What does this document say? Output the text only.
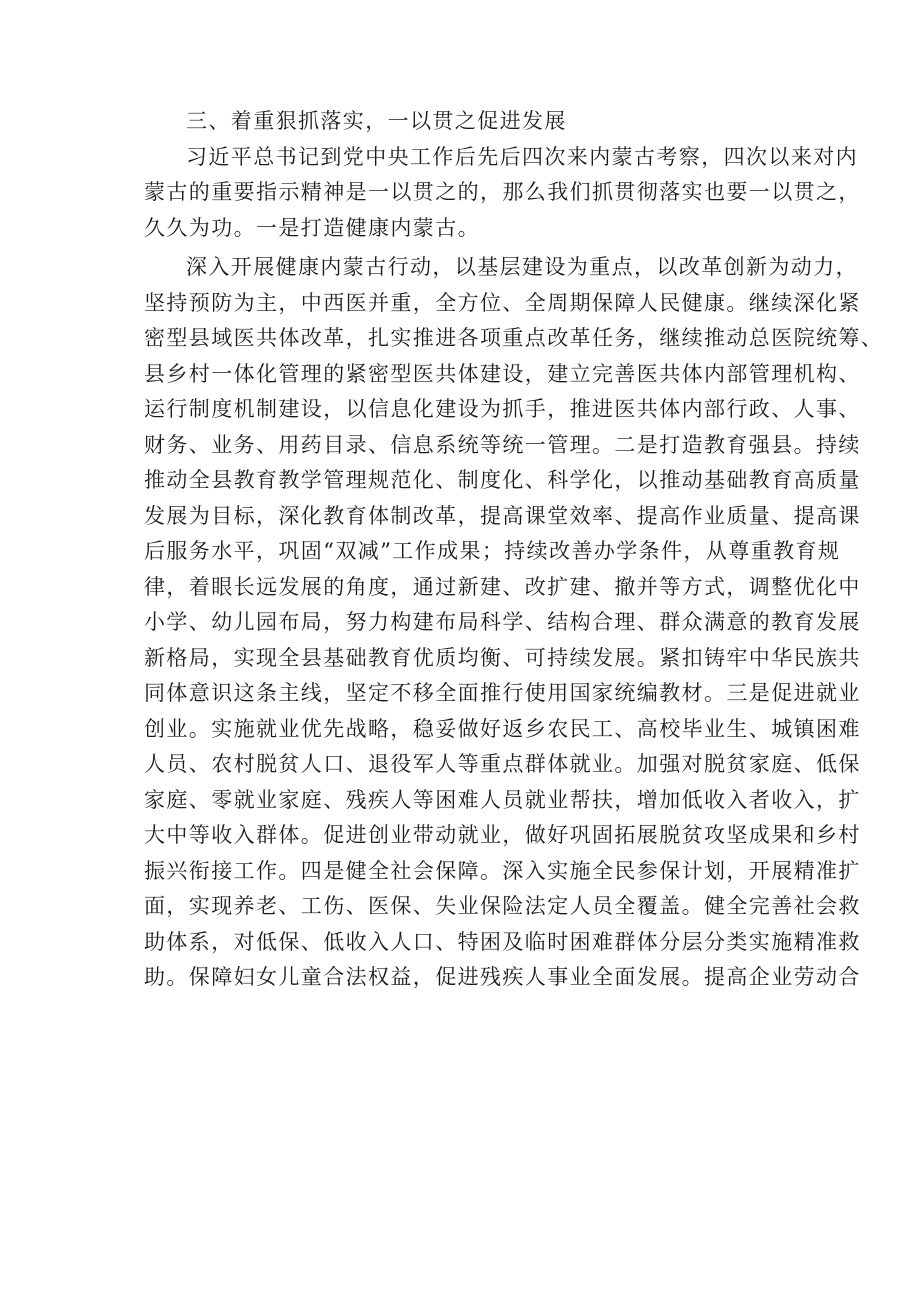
三、着重狠抓落实，一以贯之促进发展

习近平总书记到党中央工作后先后四次来内蒙古考察，四次以来对内
蒙古的重要指示精神是一以贯之的，那么我们抓贯彻落实也要一以贯之，
久久为功。一是打造健康内蒙古。
深入开展健康内蒙古行动，以基层建设为重点，以改革创新为动力，
坚持预防为主，中西医并重，全方位、全周期保障人民健康。继续深化紧
密型县域医共体改革，扎实推进各项重点改革任务，继续推动总医院统筹、
县乡村一体化管理的紧密型医共体建设，建立完善医共体内部管理机构、
运行制度机制建设，以信息化建设为抓手，推进医共体内部行政、人事、
财务、业务、用药目录、信息系统等统一管理。二是打造教育强县。持续
推动全县教育教学管理规范化、制度化、科学化，以推动基础教育高质量
发展为目标，深化教育体制改革，提高课堂效率、提高作业质量、提高课
后服务水平，巩固“双减”工作成果；持续改善办学条件，从尊重教育规
律，着眼长远发展的角度，通过新建、改扩建、撤并等方式，调整优化中
小学、幼儿园布局，努力构建布局科学、结构合理、群众满意的教育发展
新格局，实现全县基础教育优质均衡、可持续发展。紧扣铸牢中华民族共
同体意识这条主线，坚定不移全面推行使用国家统编教材。三是促进就业
创业。实施就业优先战略，稳妥做好返乡农民工、高校毕业生、城镇困难
人员、农村脱贫人口、退役军人等重点群体就业。加强对脱贫家庭、低保
家庭、零就业家庭、残疾人等困难人员就业帮扶，增加低收入者收入，扩
大中等收入群体。促进创业带动就业，做好巩固拓展脱贫攻坚成果和乡村
振兴衔接工作。四是健全社会保障。深入实施全民参保计划，开展精准扩
面，实现养老、工伤、医保、失业保险法定人员全覆盖。健全完善社会救
助体系，对低保、低收入人口、特困及临时困难群体分层分类实施精准救
助。保障妇女儿童合法权益，促进残疾人事业全面发展。提高企业劳动合
